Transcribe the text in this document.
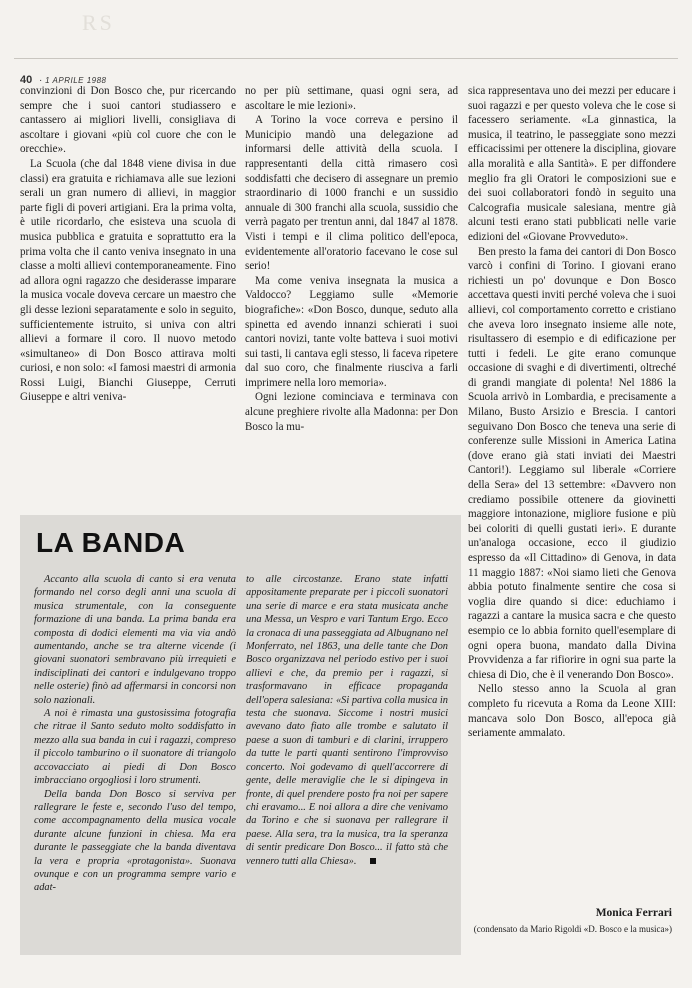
RS
40 · 1 APRILE 1988

convinzioni di Don Bosco che, pur ricercando sempre che i suoi cantori studiassero e cantassero ai migliori livelli, consigliava di ascoltare i giovani «più col cuore che con le orecchie».

La Scuola (che dal 1848 viene divisa in due classi) era gratuita e richiamava alle sue lezioni serali un gran numero di allievi, in maggior parte figli di poveri artigiani. Era la prima volta, è utile ricordarlo, che esisteva una scuola di musica pubblica e gratuita e soprattutto era la prima volta che il canto veniva insegnato in una classe a molti allievi contemporaneamente. Fino ad allora ogni ragazzo che desiderasse imparare la musica vocale doveva cercare un maestro che gli desse lezioni separatamente e solo in seguito, sufficientemente istruito, si univa con altri allievi a formare il coro. Il nuovo metodo «simultaneo» di Don Bosco attirava molti curiosi, e non solo: «I famosi maestri di armonia Rossi Luigi, Bianchi Giuseppe, Cerruti Giuseppe e altri veniva-

no per più settimane, quasi ogni sera, ad ascoltare le mie lezioni».

A Torino la voce correva e persino il Municipio mandò una delegazione ad informarsi delle attività della scuola. I rappresentanti della città rimasero così soddisfatti che decisero di assegnare un premio straordinario di 1000 franchi e un sussidio annuale di 300 franchi alla scuola, sussidio che verrà pagato per trentun anni, dal 1847 al 1878. Visti i tempi e il clima politico dell'epoca, evidentemente all'oratorio facevano le cose sul serio!

Ma come veniva insegnata la musica a Valdocco? Leggiamo sulle «Memorie biografiche»: «Don Bosco, dunque, seduto alla spinetta ed avendo innanzi schierati i suoi cantori novizi, tante volte batteva i suoi motivi sui tasti, li cantava egli stesso, li faceva ripetere dal suo coro, che finalmente riusciva a farli imprimere nella loro memoria».

Ogni lezione cominciava e terminava con alcune preghiere rivolte alla Madonna: per Don Bosco la mu-

sica rappresentava uno dei mezzi per educare i suoi ragazzi e per questo voleva che le cose si facessero seriamente. «La ginnastica, la musica, il teatrino, le passeggiate sono mezzi efficacissimi per ottenere la disciplina, giovare alla moralità e alla Santità». E per diffondere meglio fra gli Oratori le composizioni sue e dei suoi collaboratori fondò in seguito una Calcografia musicale salesiana, mentre già alcuni testi erano stati pubblicati nelle varie edizioni del «Giovane Provveduto».

Ben presto la fama dei cantori di Don Bosco varcò i confini di Torino. I giovani erano richiesti un po' dovunque e Don Bosco accettava questi inviti perché voleva che i suoi allievi, col comportamento corretto e cristiano che aveva loro insegnato insieme alle note, risultassero di esempio e di edificazione per tutti i fedeli. Le gite erano comunque occasione di svaghi e di divertimenti, oltreché di grandi mangiate di polenta! Nel 1886 la Scuola arrivò in Lombardia, e precisamente a Milano, Busto Arsizio e Brescia. I cantori seguivano Don Bosco che teneva una serie di conferenze sulle Missioni in America Latina (dove erano già stati inviati dei Maestri Cantori!). Leggiamo sul liberale «Corriere della Sera» del 13 settembre: «Davvero non crediamo possibile ottenere da giovinetti maggiore intonazione, migliore fusione e più bei coloriti di quelli gustati ieri». E durante un'analoga occasione, ecco il giudizio espresso da «Il Cittadino» di Genova, in data 11 maggio 1887: «Noi siamo lieti che Genova abbia potuto finalmente sentire che cosa si voglia dire quando si dice: educhiamo i ragazzi a cantare la musica sacra e che questo esempio ce lo abbia fornito quell'esemplare di ogni opera buona, mandato dalla Divina Provvidenza a far rifiorire in ogni sua parte la chiesa di Dio, che è il venerando Don Bosco».

Nello stesso anno la Scuola al gran completo fu ricevuta a Roma da Leone XIII: mancava solo Don Bosco, all'epoca già seriamente ammalato.

LA BANDA

Accanto alla scuola di canto si era venuta formando nel corso degli anni una scuola di musica strumentale, con la conseguente formazione di una banda. La prima banda era composta di dodici elementi ma via via andò aumentando, anche se tra alterne vicende (i giovani suonatori sembravano più irrequieti e indisciplinati dei cantori e indulgevano troppo nelle osterie) finò ad affermarsi in concorsi non solo nazionali.

A noi è rimasta una gustosissima fotografia che ritrae il Santo seduto molto soddisfatto in mezzo alla sua banda in cui i ragazzi, compreso il piccolo tamburino o il suonatore di triangolo accovacciato ai piedi di Don Bosco imbracciano orgogliosi i loro strumenti.

Della banda Don Bosco si serviva per rallegrare le feste e, secondo l'uso del tempo, come accompagnamento della musica vocale durante alcune funzioni in chiesa. Ma era durante le passeggiate che la banda diventava la vera e propria «protagonista». Suonava ovunque e con un programma sempre vario e adat-

to alle circostanze. Erano state infatti appositamente preparate per i piccoli suonatori una serie di marce e era stata musicata anche una Messa, un Vespro e vari Tantum Ergo. Ecco la cronaca di una passeggiata ad Albugnano nel Monferrato, nel 1863, una delle tante che Don Bosco organizzava nel periodo estivo per i suoi allievi e che, da premio per i ragazzi, si trasformavano in efficace propaganda dell'opera salesiana: «Si partiva colla musica in testa che suonava. Siccome i nostri musici avevano dato fiato alle trombe e salutato il paese a suon di tamburi e di clarini, irruppero da tutte le parti quanti sentirono l'improvviso concerto. Noi godevamo di quell'accorrere di gente, delle meraviglie che le si dipingeva in fronte, di quel prendere posto fra noi per sapere chi eravamo... E noi allora a dire che venivamo da Torino e che si suonava per rallegrare il paese. Alla sera, tra la musica, tra la speranza di sentir predicare Don Bosco... il fatto stà che vennero tutti alla Chiesa».

Monica Ferrari
(condensato da Mario Rigoldi «D. Bosco e la musica»)
